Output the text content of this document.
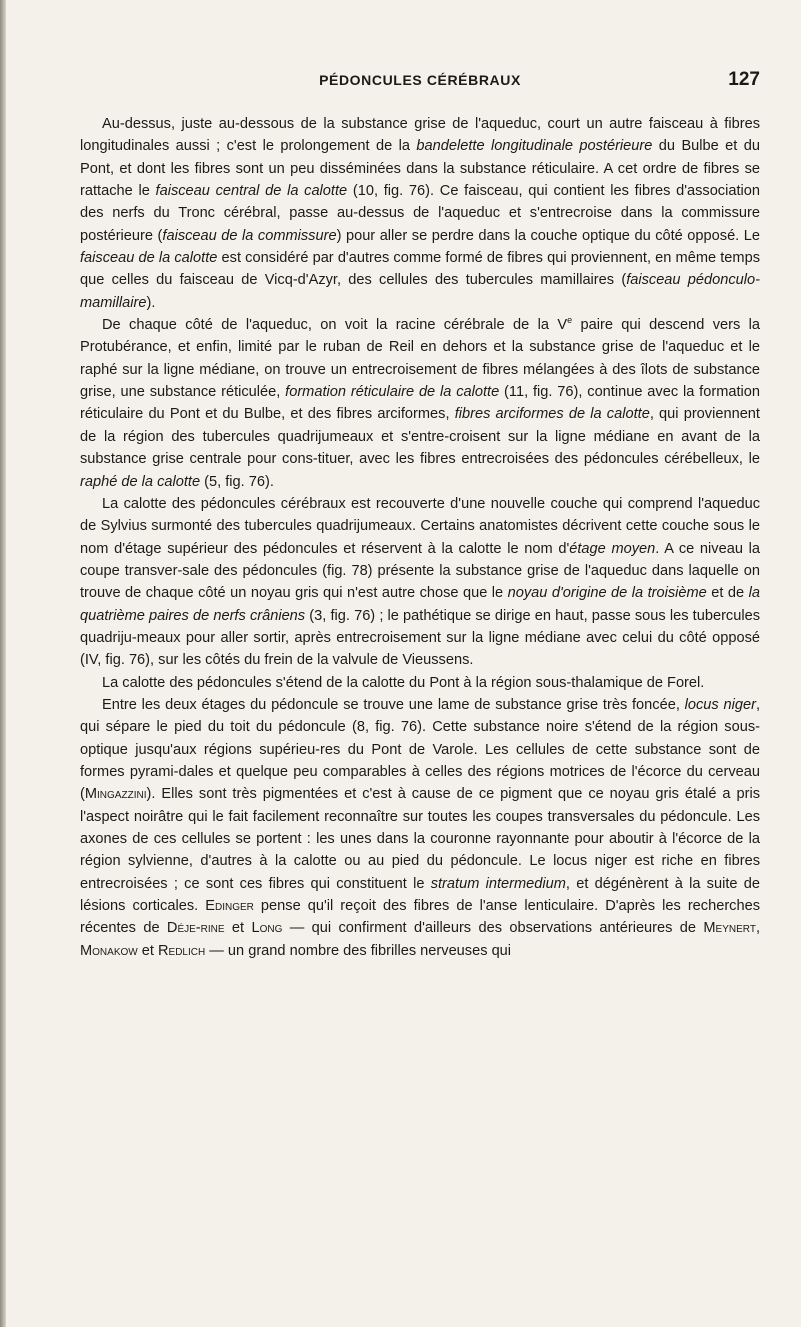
PÉDONCULES CÉRÉBRAUX	127

Au-dessus, juste au-dessous de la substance grise de l'aqueduc, court un autre faisceau à fibres longitudinales aussi ; c'est le prolongement de la bandelette longitudinale postérieure du Bulbe et du Pont, et dont les fibres sont un peu disséminées dans la substance réticulaire. A cet ordre de fibres se rattache le faisceau central de la calotte (10, fig. 76). Ce faisceau, qui contient les fibres d'association des nerfs du Tronc cérébral, passe au-dessus de l'aqueduc et s'entrecroise dans la commissure postérieure (faisceau de la commissure) pour aller se perdre dans la couche optique du côté opposé. Le faisceau de la calotte est considéré par d'autres comme formé de fibres qui proviennent, en même temps que celles du faisceau de Vicq-d'Azyr, des cellules des tubercules mamillaires (faisceau pédonculo-mamillaire).

De chaque côté de l'aqueduc, on voit la racine cérébrale de la Ve paire qui descend vers la Protubérance, et enfin, limité par le ruban de Reil en dehors et la substance grise de l'aqueduc et le raphé sur la ligne médiane, on trouve un entrecroisement de fibres mélangées à des îlots de substance grise, une substance réticulée, formation réticulaire de la calotte (11, fig. 76), continue avec la formation réticulaire du Pont et du Bulbe, et des fibres arciformes, fibres arciformes de la calotte, qui proviennent de la région des tubercules quadrijumeaux et s'entre-croisent sur la ligne médiane en avant de la substance grise centrale pour cons-tituer, avec les fibres entrecroisées des pédoncules cérébelleux, le raphé de la calotte (5, fig. 76).

La calotte des pédoncules cérébraux est recouverte d'une nouvelle couche qui comprend l'aqueduc de Sylvius surmonté des tubercules quadrijumeaux. Certains anatomistes décrivent cette couche sous le nom d'étage supérieur des pédoncules et réservent à la calotte le nom d'étage moyen. A ce niveau la coupe transver-sale des pédoncules (fig. 78) présente la substance grise de l'aqueduc dans laquelle on trouve de chaque côté un noyau gris qui n'est autre chose que le noyau d'origine de la troisième et de la quatrième paires de nerfs crâniens (3, fig. 76) ; le pathétique se dirige en haut, passe sous les tubercules quadriju-meaux pour aller sortir, après entrecroisement sur la ligne médiane avec celui du côté opposé (IV, fig. 76), sur les côtés du frein de la valvule de Vieussens.

La calotte des pédoncules s'étend de la calotte du Pont à la région sous-thalamique de Forel.

Entre les deux étages du pédoncule se trouve une lame de substance grise très foncée, locus niger, qui sépare le pied du toit du pédoncule (8, fig. 76). Cette substance noire s'étend de la région sous-optique jusqu'aux régions supérieu-res du Pont de Varole. Les cellules de cette substance sont de formes pyrami-dales et quelque peu comparables à celles des régions motrices de l'écorce du cerveau (Mingazzini). Elles sont très pigmentées et c'est à cause de ce pigment que ce noyau gris étalé a pris l'aspect noirâtre qui le fait facilement reconnaître sur toutes les coupes transversales du pédoncule. Les axones de ces cellules se portent : les unes dans la couronne rayonnante pour aboutir à l'écorce de la région sylvienne, d'autres à la calotte ou au pied du pédoncule. Le locus niger est riche en fibres entrecroisées ; ce sont ces fibres qui constituent le stratum intermedium, et dégénèrent à la suite de lésions corticales. Edinger pense qu'il reçoit des fibres de l'anse lenticulaire. D'après les recherches récentes de Déje-rine et Long — qui confirment d'ailleurs des observations antérieures de Meynert, Monakow et Redlich — un grand nombre des fibrilles nerveuses qui
